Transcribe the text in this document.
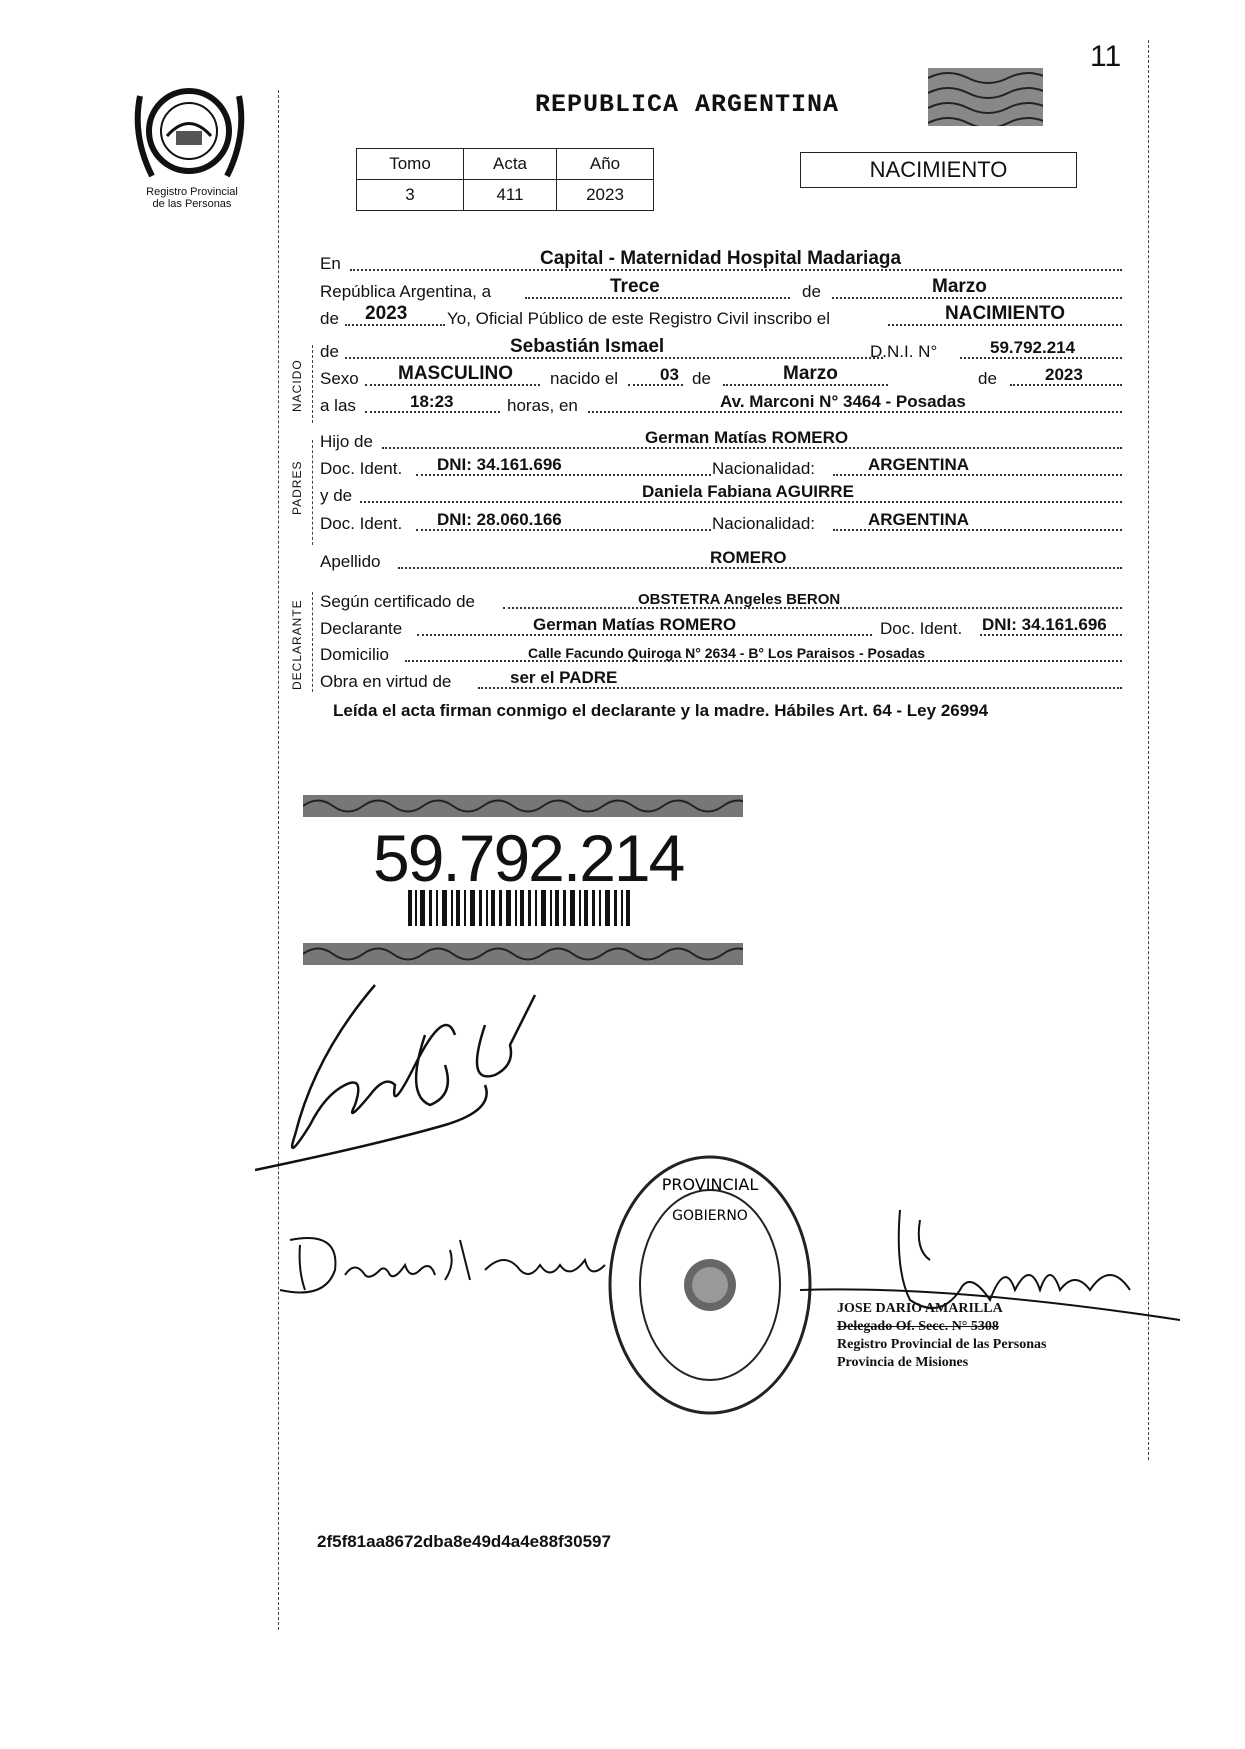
11
Registro Provincial
de las Personas
REPUBLICA ARGENTINA
Tomo	Acta	Año
3	411	2023
NACIMIENTO
NACIDO
PADRES
DECLARANTE
En	Capital - Maternidad Hospital Madariaga
República Argentina, a	Trece	de	Marzo
de 2023 Yo, Oficial Público de este Registro Civil inscribo el	NACIMIENTO
de	Sebastián Ismael	D.N.I. N°	59.792.214
Sexo MASCULINO nacido el 03 de	Marzo	de	2023
a las	18:23	horas, en	Av. Marconi N° 3464 - Posadas
Hijo de	German Matías ROMERO
Doc. Ident. DNI: 34.161.696	Nacionalidad:	ARGENTINA
y de	Daniela Fabiana AGUIRRE
Doc. Ident. DNI: 28.060.166	Nacionalidad:	ARGENTINA
Apellido	ROMERO
Según certificado de	OBSTETRA Angeles BERON
Declarante	German Matías ROMERO	Doc. Ident. DNI: 34.161.696
Domicilio	Calle Facundo Quiroga N° 2634 - B° Los Paraisos - Posadas
Obra en virtud de	ser el PADRE
Leída el acta firman conmigo el declarante y la madre. Hábiles Art. 64 - Ley 26994
59.792.214
PROVINCIAL
GOBIERNO
JOSE DARIO AMARILLA
Delegado Of. Secc. N° 5308
Registro Provincial de las Personas
Provincia de Misiones
2f5f81aa8672dba8e49d4a4e88f30597
